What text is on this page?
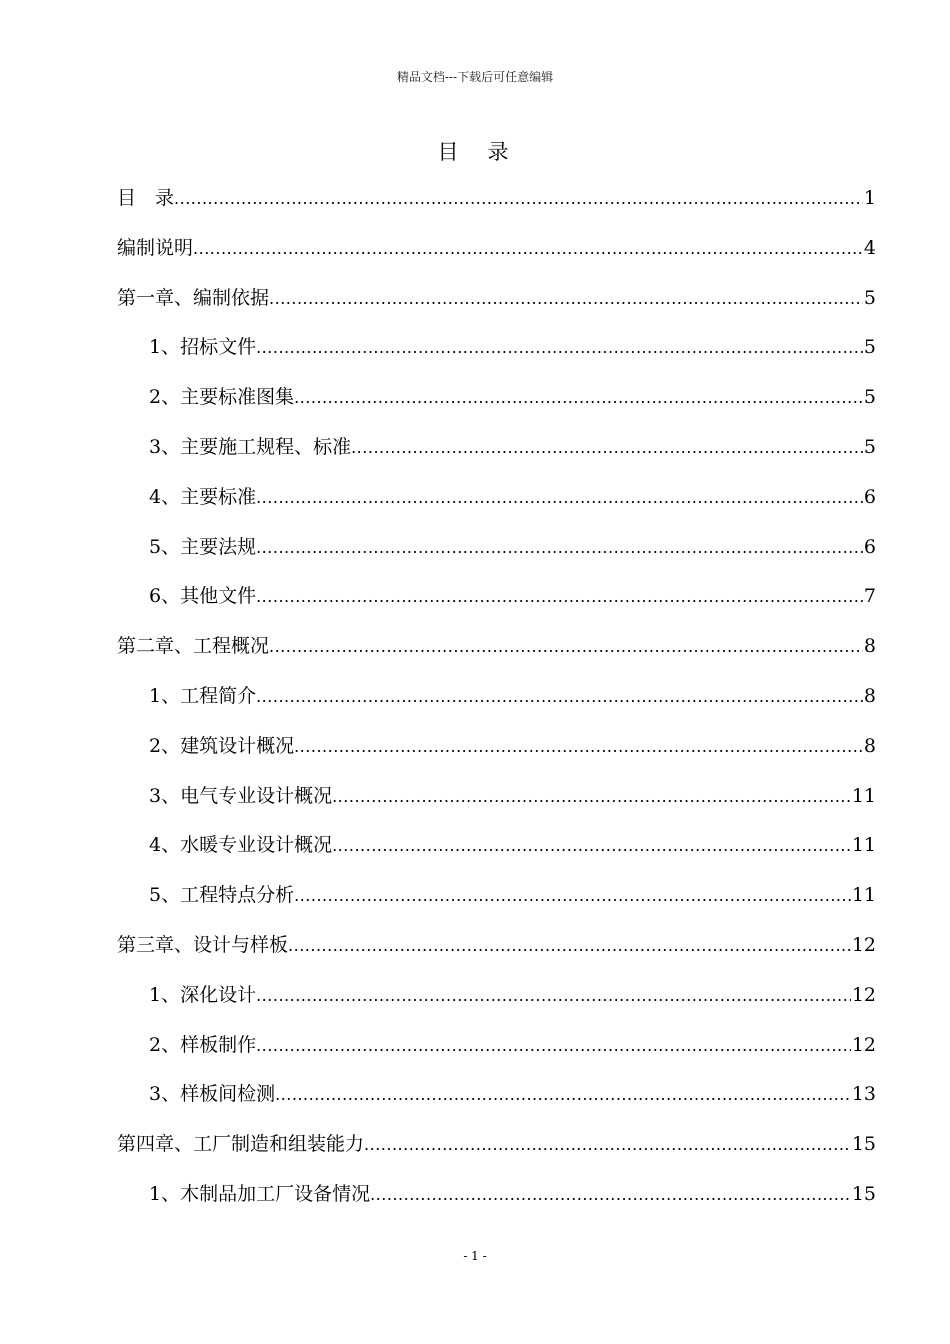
精品文档---下载后可任意编辑
目　录
目　录 .....	1
编制说明 .....	4
第一章、编制依据 .....	5
1、招标文件 .....	5
2、主要标准图集 .....	5
3、主要施工规程、标准 .....	5
4、主要标准 .....	6
5、主要法规 .....	6
6、其他文件 .....	7
第二章、工程概况 .....	8
1、工程简介 .....	8
2、建筑设计概况 .....	8
3、电气专业设计概况 .....	11
4、水暖专业设计概况 .....	11
5、工程特点分析 .....	11
第三章、设计与样板 .....	12
1、深化设计 .....	12
2、样板制作 .....	12
3、样板间检测 .....	13
第四章、工厂制造和组装能力 .....	15
1、木制品加工厂设备情况 .....	15
- 1 -
